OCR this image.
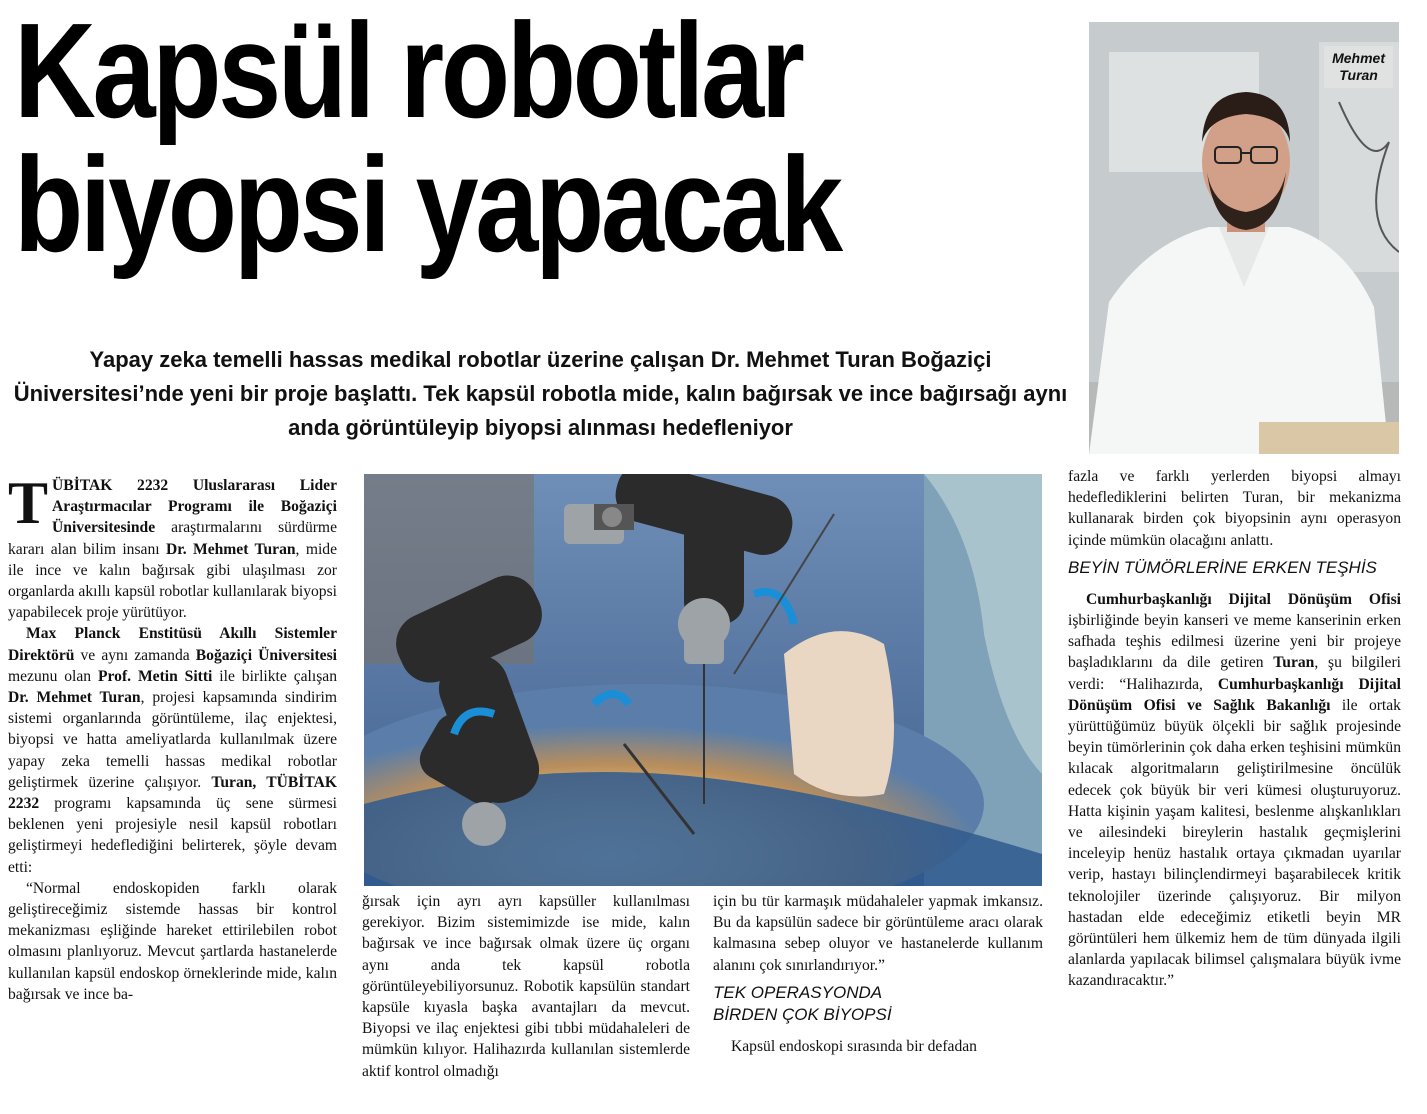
Kapsül robotlar
biyopsi yapacak
Mehmet
Turan

Yapay zeka temelli hassas medikal robotlar üzerine çalışan Dr. Mehmet Turan Boğaziçi Üniversitesi’nde yeni bir proje başlattı. Tek kapsül robotla mide, kalın bağırsak ve ince bağırsağı aynı anda görüntüleyip biyopsi alınması hedefleniyor

TÜBİTAK 2232 Uluslararası Lider Araştırmacılar Programı ile Boğaziçi Üniversitesinde araştırmalarını sürdürme kararı alan bilim insanı Dr. Mehmet Turan, mide ile ince ve kalın bağırsak gibi ulaşılması zor organlarda akıllı kapsül robotlar kullanılarak biyopsi yapabilecek proje yürütüyor.

Max Planck Enstitüsü Akıllı Sistemler Direktörü ve aynı zamanda Boğaziçi Üniversitesi mezunu olan Prof. Metin Sitti ile birlikte çalışan Dr. Mehmet Turan, projesi kapsamında sindirim sistemi organlarında görüntüleme, ilaç enjektesi, biyopsi ve hatta ameliyatlarda kullanılmak üzere yapay zeka temelli hassas medikal robotlar geliştirmek üzerine çalışıyor. Turan, TÜBİTAK 2232 programı kapsamında üç sene sürmesi beklenen yeni projesiyle nesil kapsül robotları geliştirmeyi hedeflediğini belirterek, şöyle devam etti:

“Normal endoskopiden farklı olarak geliştireceğimiz sistemde hassas bir kontrol mekanizması eşliğinde hareket ettirilebilen robot olmasını planlıyoruz. Mevcut şartlarda hastanelerde kullanılan kapsül endoskop örneklerinde mide, kalın bağırsak ve ince ba-

ğırsak için ayrı ayrı kapsüller kullanılması gerekiyor. Bizim sistemimizde ise mide, kalın bağırsak ve ince bağırsak olmak üzere üç organı aynı anda tek kapsül robotla görüntüleyebiliyorsunuz. Robotik kapsülün standart kapsüle kıyasla başka avantajları da mevcut. Biyopsi ve ilaç enjektesi gibi tıbbi müdahaleleri de mümkün kılıyor. Halihazırda kullanılan sistemlerde aktif kontrol olmadığı

için bu tür karmaşık müdahaleler yapmak imkansız. Bu da kapsülün sadece bir görüntüleme aracı olarak kalmasına sebep oluyor ve hastanelerde kullanım alanını çok sınırlandırıyor.”

TEK OPERASYONDA
BİRDEN ÇOK BİYOPSİ

Kapsül endoskopi sırasında bir defadan

fazla ve farklı yerlerden biyopsi almayı hedeflediklerini belirten Turan, bir mekanizma kullanarak birden çok biyopsinin aynı operasyon içinde mümkün olacağını anlattı.

BEYİN TÜMÖRLERİNE ERKEN TEŞHİS

Cumhurbaşkanlığı Dijital Dönüşüm Ofisi işbirliğinde beyin kanseri ve meme kanserinin erken safhada teşhis edilmesi üzerine yeni bir projeye başladıklarını da dile getiren Turan, şu bilgileri verdi: “Halihazırda, Cumhurbaşkanlığı Dijital Dönüşüm Ofisi ve Sağlık Bakanlığı ile ortak yürüttüğümüz büyük ölçekli bir sağlık projesinde beyin tümörlerinin çok daha erken teşhisini mümkün kılacak algoritmaların geliştirilmesine öncülük edecek çok büyük bir veri kümesi oluşturuyoruz. Hatta kişinin yaşam kalitesi, beslenme alışkanlıkları ve ailesindeki bireylerin hastalık geçmişlerini inceleyip henüz hastalık ortaya çıkmadan uyarılar verip, hastayı bilinçlendirmeyi başarabilecek kritik teknolojiler üzerinde çalışıyoruz. Bir milyon hastadan elde edeceğimiz etiketli beyin MR görüntüleri hem ülkemiz hem de tüm dünyada ilgili alanlarda yapılacak bilimsel çalışmalara büyük ivme kazandıracaktır.”
